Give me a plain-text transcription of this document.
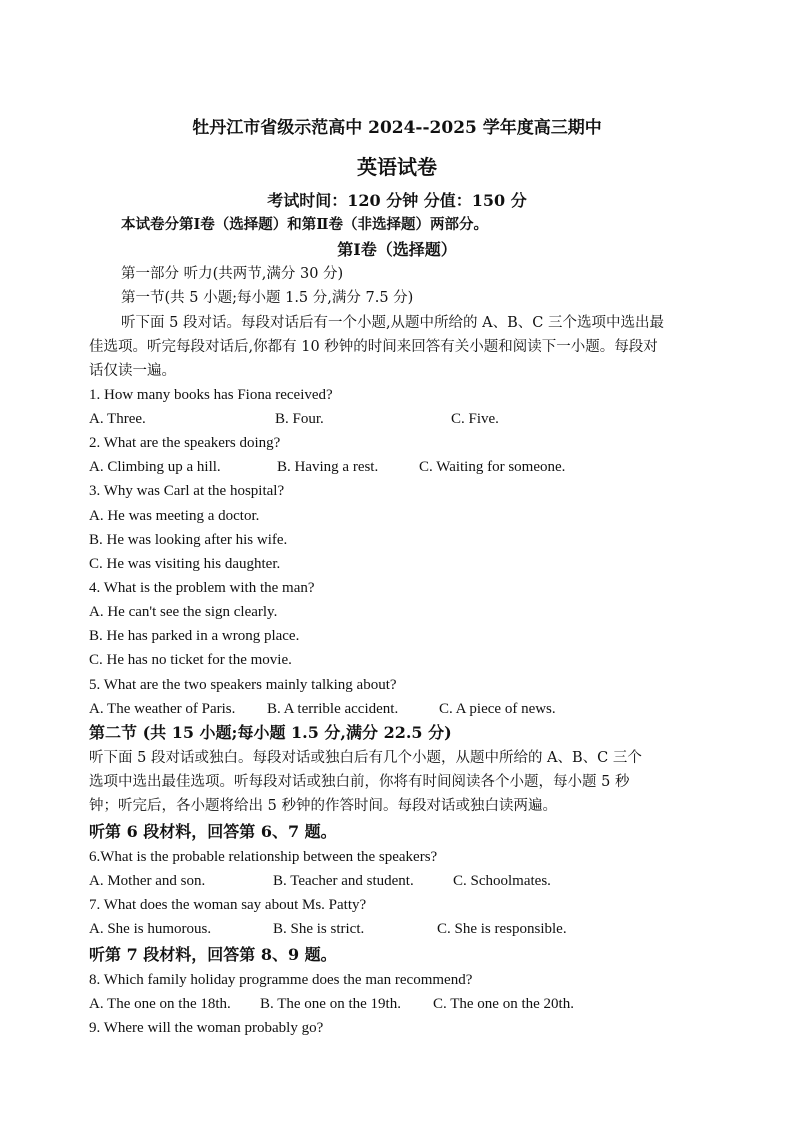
牡丹江市省级示范高中 2024--2025 学年度高三期中
英语试卷
考试时间：120 分钟 分值：150 分
本试卷分第Ⅰ卷（选择题）和第Ⅱ卷（非选择题）两部分。
第Ⅰ卷（选择题）
第一部分 听力(共两节,满分 30 分)
第一节(共 5 小题;每小题 1.5 分,满分 7.5 分)
听下面 5 段对话。每段对话后有一个小题,从题中所给的 A、B、C 三个选项中选出最
佳选项。听完每段对话后,你都有 10 秒钟的时间来回答有关小题和阅读下一小题。每段对
话仅读一遍。
1. How many books has Fiona received?
A. Three.	B. Four.	C. Five.
2. What are the speakers doing?
A. Climbing up a hill.	B. Having a rest.	C. Waiting for someone.
3. Why was Carl at the hospital?
A. He was meeting a doctor.
B. He was looking after his wife.
C. He was visiting his daughter.
4. What is the problem with the man?
A. He can't see the sign clearly.
B. He has parked in a wrong place.
C. He has no ticket for the movie.
5. What are the two speakers mainly talking about?
A. The weather of Paris. B. A terrible accident.	C. A piece of news.
第二节 (共 15 小题;每小题 1.5 分,满分 22.5 分)
听下面 5 段对话或独白。每段对话或独白后有几个小题，从题中所给的 A、B、C 三个
选项中选出最佳选项。听每段对话或独白前，你将有时间阅读各个小题，每小题 5 秒
钟；听完后，各小题将给出 5 秒钟的作答时间。每段对话或独白读两遍。
听第 6 段材料，回答第 6、7 题。
6.What is the probable relationship between the speakers?
A. Mother and son.	B. Teacher and student.	C. Schoolmates.
7. What does the woman say about Ms. Patty?
A. She is humorous.	B. She is strict.	C. She is responsible.
听第 7 段材料，回答第 8、9 题。
8. Which family holiday programme does the man recommend?
A. The one on the 18th. B. The one on the 19th. C. The one on the 20th.
9. Where will the woman probably go?
